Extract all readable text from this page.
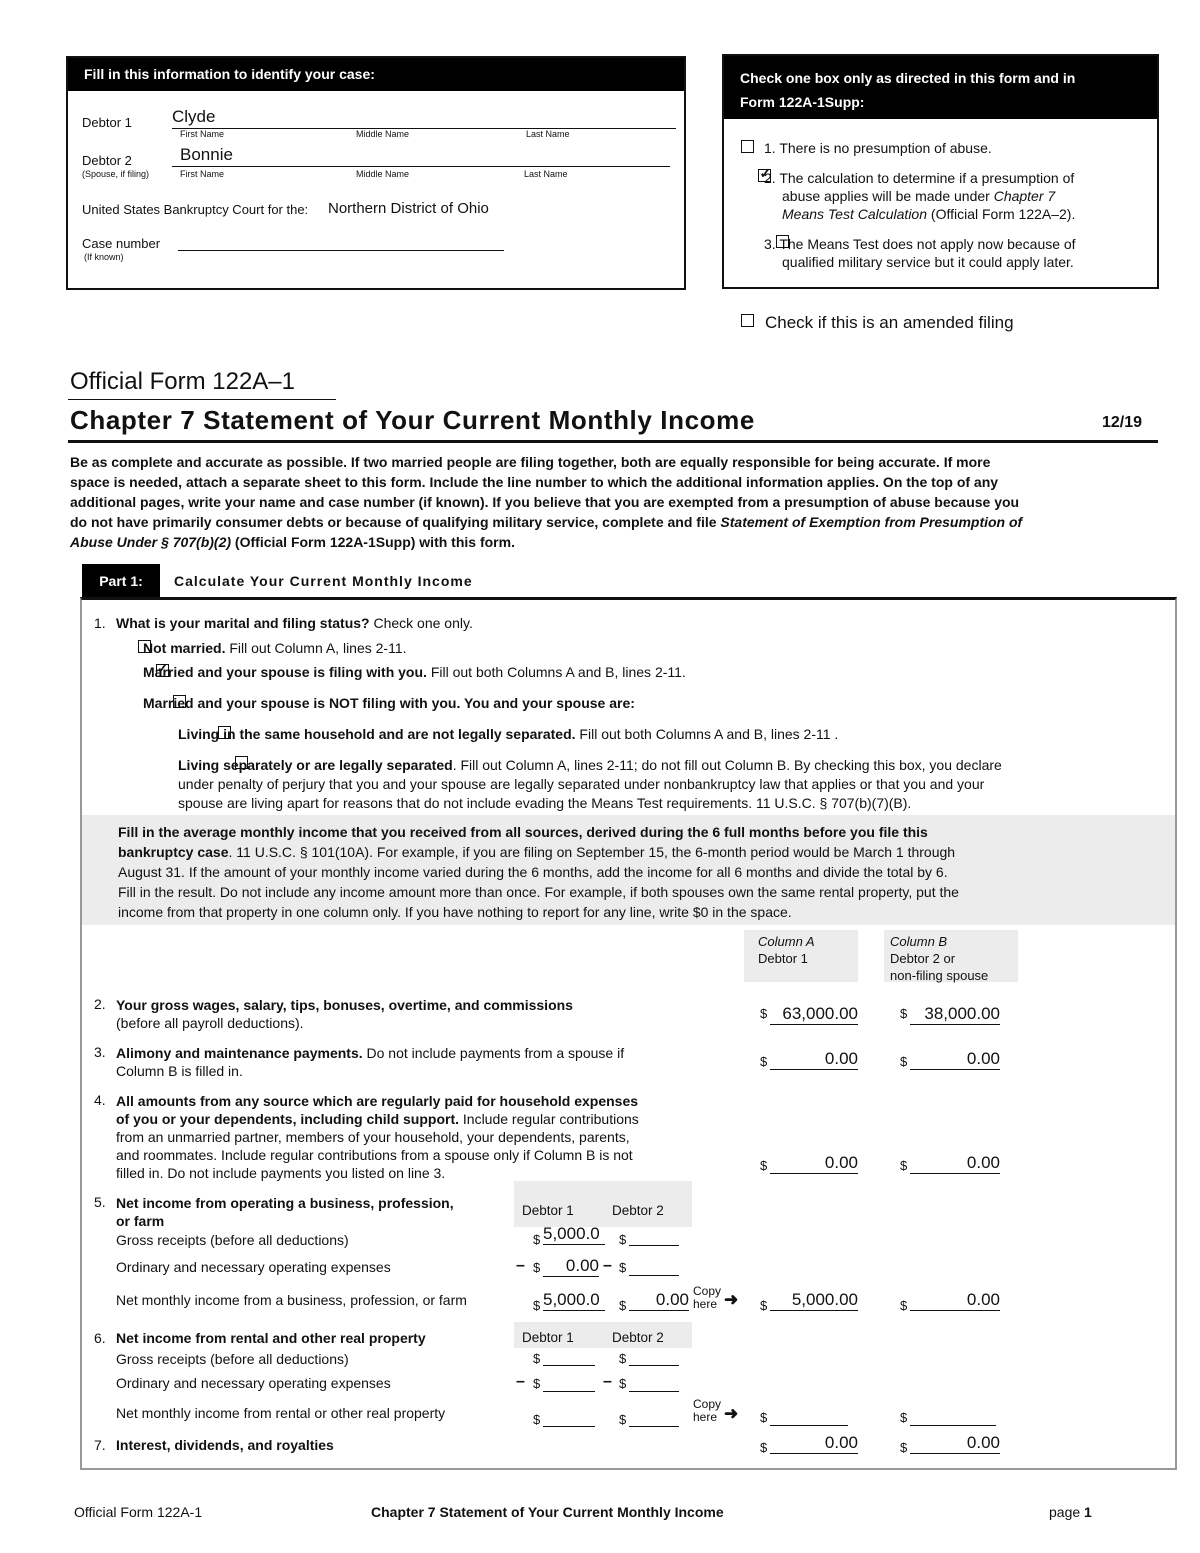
Fill in this information to identify your case:
Debtor 1 Clyde
First Name	Middle Name	Last Name
Debtor 2
(Spouse, if filing)
Bonnie
First Name	Middle Name	Last Name
United States Bankruptcy Court for the: Northern District of Ohio
Case number
(If known)
Check one box only as directed in this form and in
Form 122A-1Supp:

1. There is no presumption of abuse.
✓
2. The calculation to determine if a presumption of
abuse applies will be made under Chapter 7
Means Test Calculation (Official Form 122A–2).
3. The Means Test does not apply now because of
qualified military service but it could apply later.

Check if this is an amended filing
Official Form 122A–1
Chapter 7 Statement of Your Current Monthly Income	12/19
Be as complete and accurate as possible. If two married people are filing together, both are equally responsible for being accurate. If more
space is needed, attach a separate sheet to this form. Include the line number to which the additional information applies. On the top of any
additional pages, write your name and case number (if known). If you believe that you are exempted from a presumption of abuse because you
do not have primarily consumer debts or because of qualifying military service, complete and file Statement of Exemption from Presumption of
Abuse Under § 707(b)(2) (Official Form 122A-1Supp) with this form.
Part 1:	Calculate Your Current Monthly Income
1. What is your marital and filing status? Check one only.

Not married. Fill out Column A, lines 2-11.
✓
Married and your spouse is filing with you. Fill out both Columns A and B, lines 2-11.

Married and your spouse is NOT filing with you. You and your spouse are:

Living in the same household and are not legally separated. Fill out both Columns A and B, lines 2-11 .
Living separately or are legally separated. Fill out Column A, lines 2-11; do not fill out Column B. By checking this box, you declare
under penalty of perjury that you and your spouse are legally separated under nonbankruptcy law that applies or that you and your
spouse are living apart for reasons that do not include evading the Means Test requirements. 11 U.S.C. § 707(b)(7)(B).
Fill in the average monthly income that you received from all sources, derived during the 6 full months before you file this
bankruptcy case. 11 U.S.C. § 101(10A). For example, if you are filing on September 15, the 6-month period would be March 1 through
August 31. If the amount of your monthly income varied during the 6 months, add the income for all 6 months and divide the total by 6.
Fill in the result. Do not include any income amount more than once. For example, if both spouses own the same rental property, put the
income from that property in one column only. If you have nothing to report for any line, write $0 in the space.
Column A
Debtor 1
Column B
Debtor 2 or
non-filing spouse
2. Your gross wages, salary, tips, bonuses, overtime, and commissions
(before all payroll deductions).
$ 63,000.00	$	38,000.00
3. Alimony and maintenance payments. Do not include payments from a spouse if
Column B is filled in.
$	0.00	$	0.00
4. All amounts from any source which are regularly paid for household expenses
of you or your dependents, including child support. Include regular contributions
from an unmarried partner, members of your household, your dependents, parents,
and roommates. Include regular contributions from a spouse only if Column B is not
filled in. Do not include payments you listed on line 3.	$	0.00	$	0.00
Debtor 1	Debtor 2
5. Net income from operating a business, profession,
or farm
Gross receipts (before all deductions)	$ 5,000.0	$
Ordinary and necessary operating expenses	– $	0.00 – $
Net monthly income from a business, profession, or farm	$ 5,000.0	$	0.00 Copy
here ➜ $	5,000.00	$	0.00
Debtor 1	Debtor 2
6. Net income from rental and other real property
Gross receipts (before all deductions)	$	$
Ordinary and necessary operating expenses	– $	– $
Net monthly income from rental or other real property	$	$
Copy
here ➜ $	$
7. Interest, dividends, and royalties	$	0.00	$	0.00
Official Form 122A-1	Chapter 7 Statement of Your Current Monthly Income	page 1
